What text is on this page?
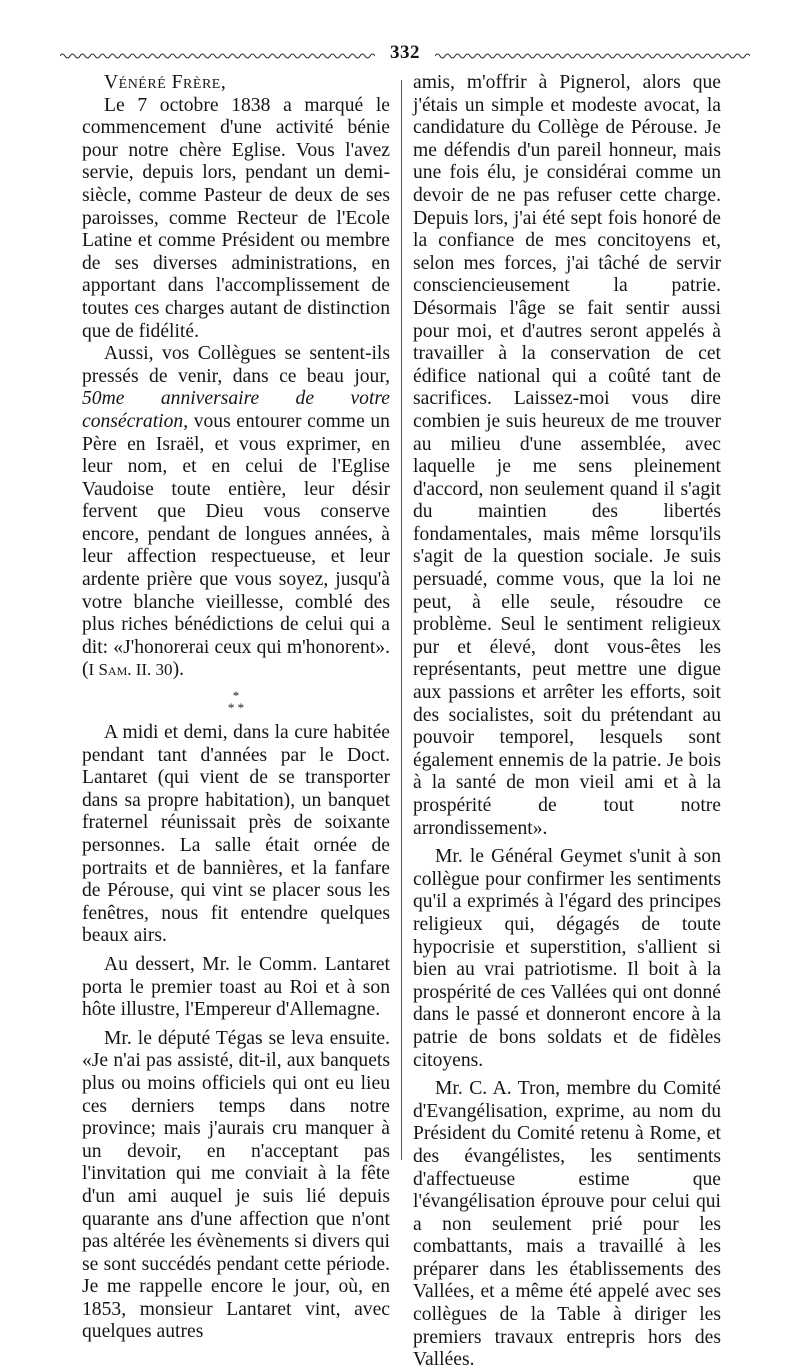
332

Vénéré Frère,

Le 7 octobre 1838 a marqué le commencement d'une activité bénie pour notre chère Eglise. Vous l'avez servie, depuis lors, pendant un demi-siècle, comme Pasteur de deux de ses paroisses, comme Recteur de l'Ecole Latine et comme Président ou membre de ses diverses administrations, en apportant dans l'accomplissement de toutes ces charges autant de distinction que de fidélité.

Aussi, vos Collègues se sentent-ils pressés de venir, dans ce beau jour, 50me anniversaire de votre consécration, vous entourer comme un Père en Israël, et vous exprimer, en leur nom, et en celui de l'Eglise Vaudoise toute entière, leur désir fervent que Dieu vous conserve encore, pendant de longues années, à leur affection respectueuse, et leur ardente prière que vous soyez, jusqu'à votre blanche vieillesse, comblé des plus riches bénédictions de celui qui a dit: «J'honorerai ceux qui m'honorent». (I Sam. II. 30).

*
* *

A midi et demi, dans la cure habitée pendant tant d'années par le Doct. Lantaret (qui vient de se transporter dans sa propre habitation), un banquet fraternel réunissait près de soixante personnes. La salle était ornée de portraits et de bannières, et la fanfare de Pérouse, qui vint se placer sous les fenêtres, nous fit entendre quelques beaux airs.

Au dessert, Mr. le Comm. Lantaret porta le premier toast au Roi et à son hôte illustre, l'Empereur d'Allemagne.

Mr. le député Tégas se leva ensuite. «Je n'ai pas assisté, dit-il, aux banquets plus ou moins officiels qui ont eu lieu ces derniers temps dans notre province; mais j'aurais cru manquer à un devoir, en n'acceptant pas l'invitation qui me conviait à la fête d'un ami auquel je suis lié depuis quarante ans d'une affection que n'ont pas altérée les évènements si divers qui se sont succédés pendant cette période. Je me rappelle encore le jour, où, en 1853, monsieur Lantaret vint, avec quelques autres

amis, m'offrir à Pignerol, alors que j'étais un simple et modeste avocat, la candidature du Collège de Pérouse. Je me défendis d'un pareil honneur, mais une fois élu, je considérai comme un devoir de ne pas refuser cette charge. Depuis lors, j'ai été sept fois honoré de la confiance de mes concitoyens et, selon mes forces, j'ai tâché de servir consciencieusement la patrie. Désormais l'âge se fait sentir aussi pour moi, et d'autres seront appelés à travailler à la conservation de cet édifice national qui a coûté tant de sacrifices. Laissez-moi vous dire combien je suis heureux de me trouver au milieu d'une assemblée, avec laquelle je me sens pleinement d'accord, non seulement quand il s'agit du maintien des libertés fondamentales, mais même lorsqu'ils s'agit de la question sociale. Je suis persuadé, comme vous, que la loi ne peut, à elle seule, résoudre ce problème. Seul le sentiment religieux pur et élevé, dont vous-êtes les représentants, peut mettre une digue aux passions et arrêter les efforts, soit des socialistes, soit du prétendant au pouvoir temporel, lesquels sont également ennemis de la patrie. Je bois à la santé de mon vieil ami et à la prospérité de tout notre arrondissement».

Mr. le Général Geymet s'unit à son collègue pour confirmer les sentiments qu'il a exprimés à l'égard des principes religieux qui, dégagés de toute hypocrisie et superstition, s'allient si bien au vrai patriotisme. Il boit à la prospérité de ces Vallées qui ont donné dans le passé et donneront encore à la patrie de bons soldats et de fidèles citoyens.

Mr. C. A. Tron, membre du Comité d'Evangélisation, exprime, au nom du Président du Comité retenu à Rome, et des évangélistes, les sentiments d'affectueuse estime que l'évangélisation éprouve pour celui qui a non seulement prié pour les combattants, mais a travaillé à les préparer dans les établissements des Vallées, et a même été appelé avec ses collègues de la Table à diriger les premiers travaux entrepris hors des Vallées.
